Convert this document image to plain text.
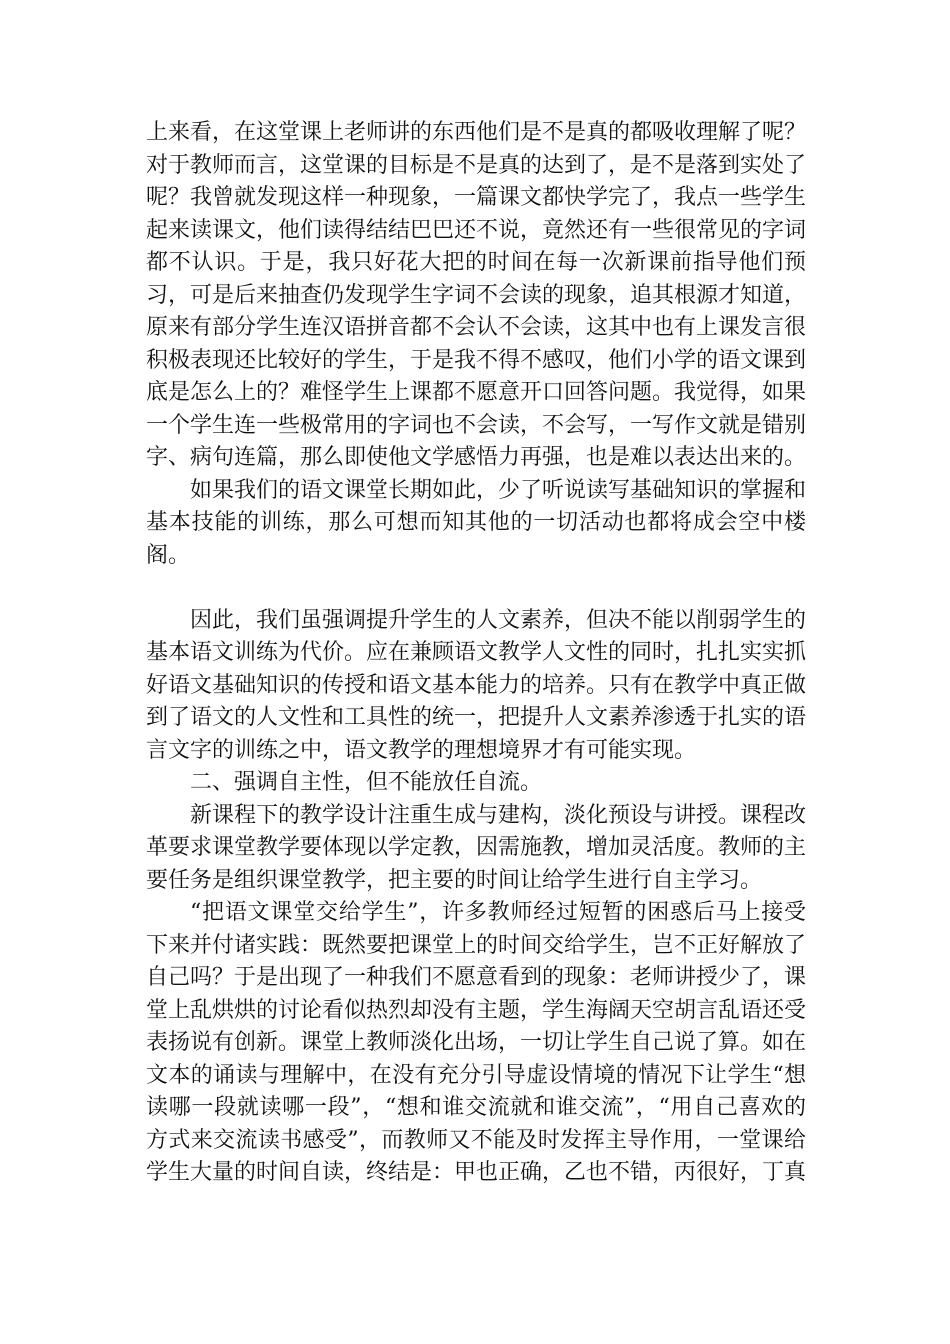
上来看，在这堂课上老师讲的东西他们是不是真的都吸收理解了呢？对于教师而言，这堂课的目标是不是真的达到了，是不是落到实处了呢？我曾就发现这样一种现象，一篇课文都快学完了，我点一些学生起来读课文，他们读得结结巴巴还不说，竟然还有一些很常见的字词都不认识。于是，我只好花大把的时间在每一次新课前指导他们预习，可是后来抽查仍发现学生字词不会读的现象，追其根源才知道，原来有部分学生连汉语拼音都不会认不会读，这其中也有上课发言很积极表现还比较好的学生，于是我不得不感叹，他们小学的语文课到底是怎么上的？难怪学生上课都不愿意开口回答问题。我觉得，如果一个学生连一些极常用的字词也不会读，不会写，一写作文就是错别字、病句连篇，那么即使他文学感悟力再强，也是难以表达出来的。

如果我们的语文课堂长期如此，少了听说读写基础知识的掌握和基本技能的训练，那么可想而知其他的一切活动也都将成会空中楼阁。

因此，我们虽强调提升学生的人文素养，但决不能以削弱学生的基本语文训练为代价。应在兼顾语文教学人文性的同时，扎扎实实抓好语文基础知识的传授和语文基本能力的培养。只有在教学中真正做到了语文的人文性和工具性的统一，把提升人文素养渗透于扎实的语言文字的训练之中，语文教学的理想境界才有可能实现。

二、强调自主性，但不能放任自流。

新课程下的教学设计注重生成与建构，淡化预设与讲授。课程改革要求课堂教学要体现以学定教，因需施教，增加灵活度。教师的主要任务是组织课堂教学，把主要的时间让给学生进行自主学习。

“把语文课堂交给学生”，许多教师经过短暂的困惑后马上接受下来并付诸实践：既然要把课堂上的时间交给学生，岂不正好解放了自己吗？于是出现了一种我们不愿意看到的现象：老师讲授少了，课堂上乱烘烘的讨论看似热烈却没有主题，学生海阔天空胡言乱语还受表扬说有创新。课堂上教师淡化出场，一切让学生自己说了算。如在文本的诵读与理解中，在没有充分引导虚设情境的情况下让学生“想读哪一段就读哪一段”，“想和谁交流就和谁交流”，“用自己喜欢的方式来交流读书感受”，而教师又不能及时发挥主导作用，一堂课给学生大量的时间自读，终结是：甲也正确，乙也不错，丙很好，丁真
